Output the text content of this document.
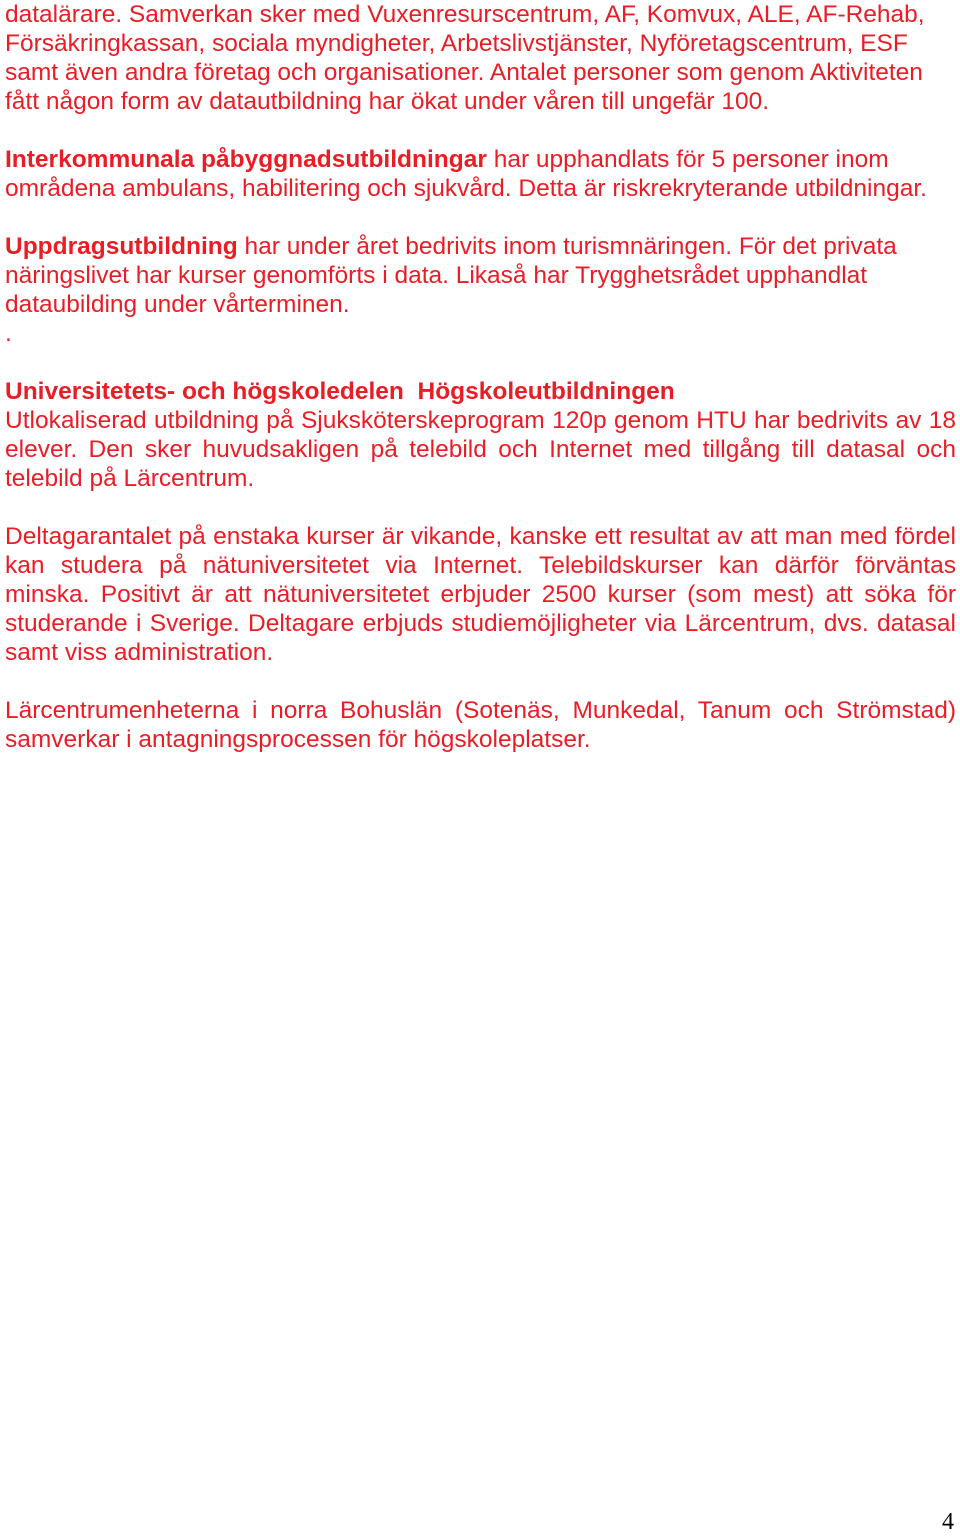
datalärare. Samverkan sker med Vuxenresurscentrum, AF, Komvux, ALE, AF-Rehab, Försäkringkassan, sociala myndigheter, Arbetslivstjänster, Nyföretagscentrum, ESF samt även andra företag och organisationer. Antalet personer som genom Aktiviteten fått någon form av datautbildning har ökat under våren till ungefär 100.

Interkommunala påbyggnadsutbildningar har upphandlats för 5 personer inom områdena ambulans, habilitering och sjukvård. Detta är riskrekryterande utbildningar.

Uppdragsutbildning har under året bedrivits inom turismnäringen. För det privata näringslivet har kurser genomförts i data. Likaså har Trygghetsrådet upphandlat dataubilding under vårterminen.

.

Universitetets- och högskoledelen  Högskoleutbildningen

Utlokaliserad utbildning på Sjuksköterskeprogram 120p genom HTU har bedrivits av 18 elever. Den sker huvudsakligen på telebild och Internet med tillgång till datasal och telebild på Lärcentrum.

Deltagarantalet på enstaka kurser är vikande, kanske ett resultat av att man med fördel kan studera på nätuniversitetet via Internet. Telebildskurser kan därför förväntas minska. Positivt är att nätuniversitetet erbjuder 2500 kurser (som mest) att söka för studerande i Sverige. Deltagare erbjuds studiemöjligheter via Lärcentrum, dvs. datasal samt viss administration.

Lärcentrumenheterna i norra Bohuslän (Sotenäs, Munkedal, Tanum och Strömstad) samverkar i antagningsprocessen för högskoleplatser.

4
